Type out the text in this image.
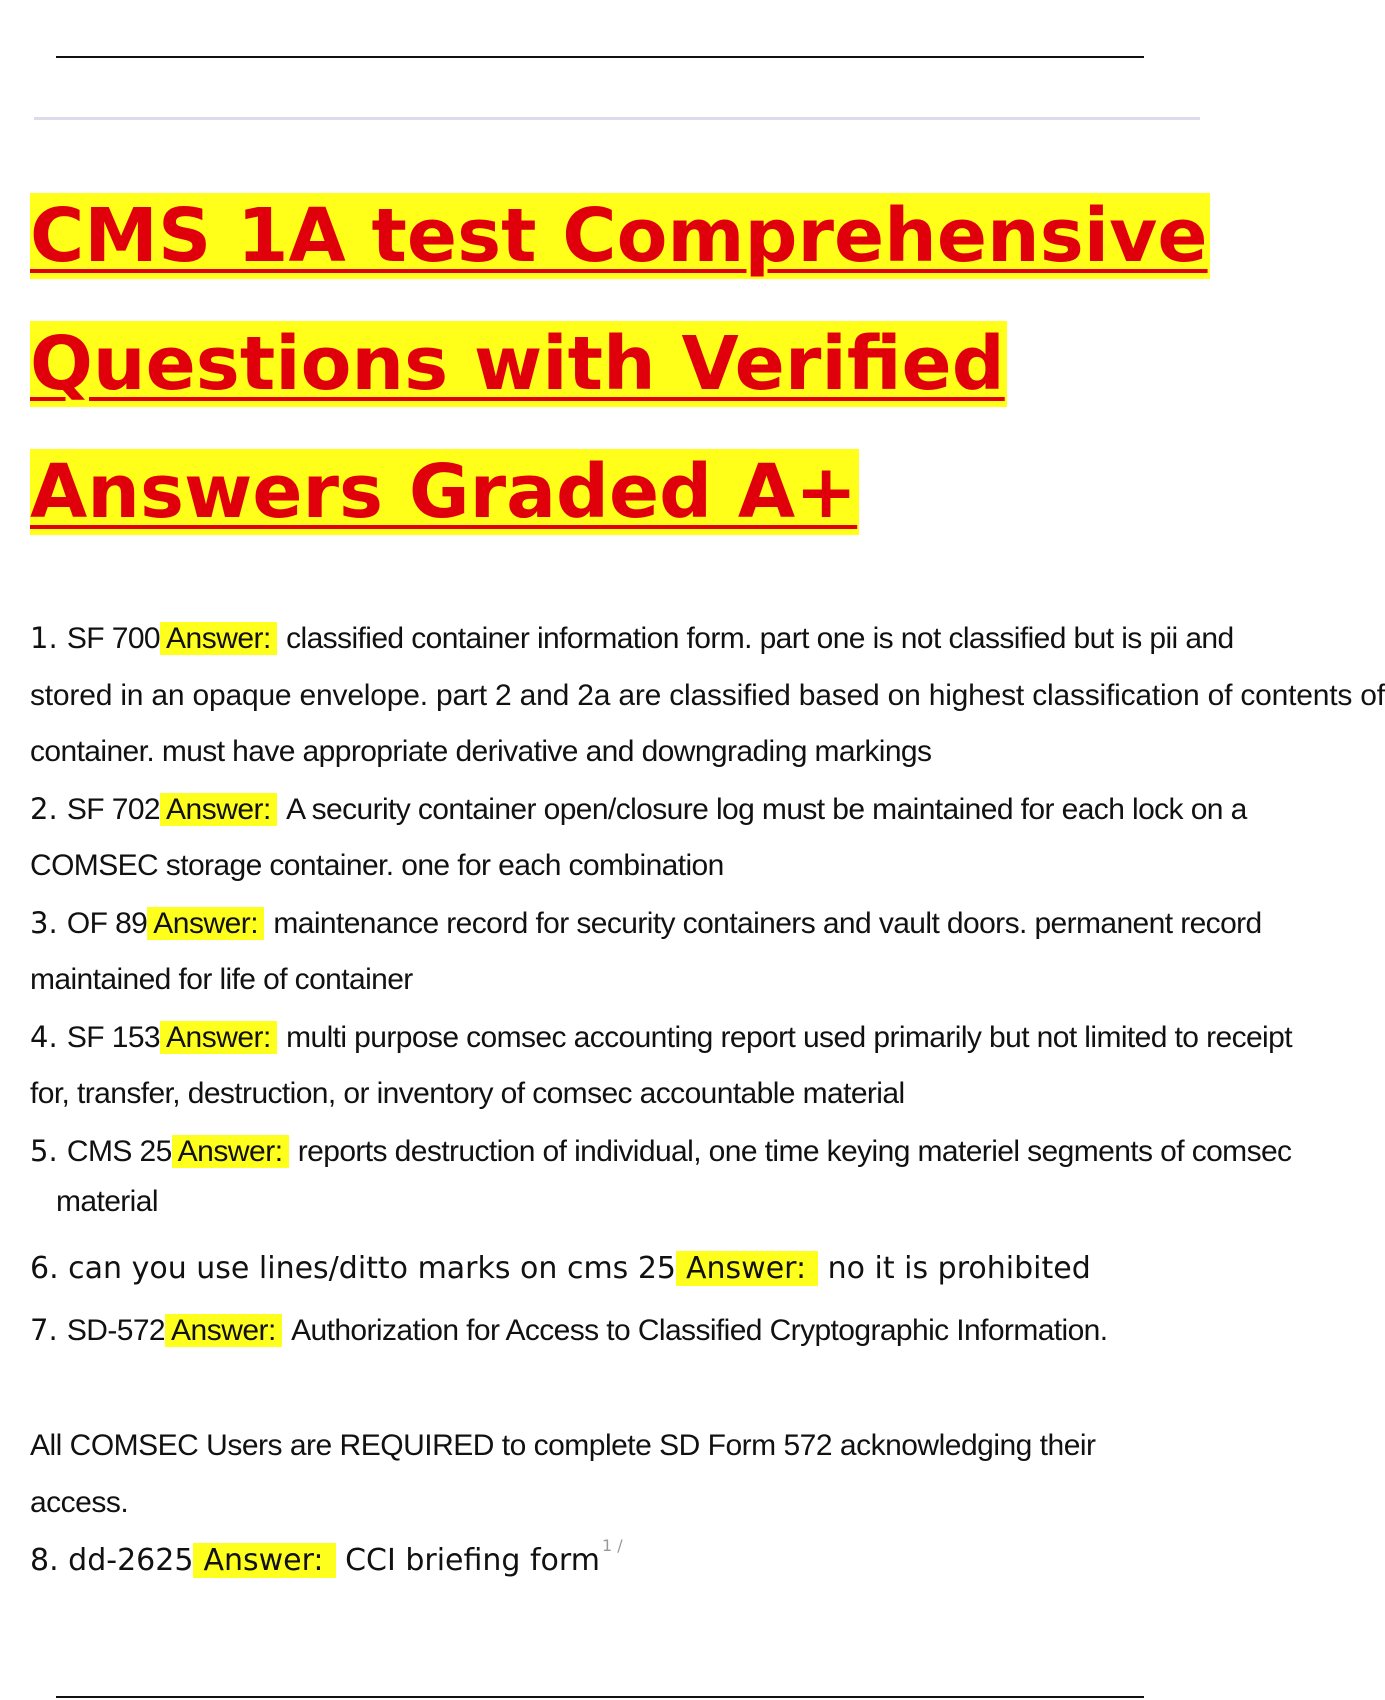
CMS 1A test Comprehensive
Questions with Verified
Answers Graded A+
1. SF 700 Answer: classified container information form. part one is not classified but is pii and
stored in an opaque envelope. part 2 and 2a are classified based on highest classification of contents of
container. must have appropriate derivative and downgrading markings
2. SF 702 Answer: A security container open/closure log must be maintained for each lock on a
COMSEC storage container. one for each combination
3. OF 89 Answer: maintenance record for security containers and vault doors. permanent record
maintained for life of container
4. SF 153 Answer: multi purpose comsec accounting report used primarily but not limited to receipt
for, transfer, destruction, or inventory of comsec accountable material
5. CMS 25 Answer: reports destruction of individual, one time keying materiel segments of comsec
material
6. can you use lines/ditto marks on cms 25 Answer: no it is prohibited
7. SD-572 Answer: Authorization for Access to Classified Cryptographic Information.
All COMSEC Users are REQUIRED to complete SD Form 572 acknowledging their access.
8. dd-2625 Answer: CCI briefing form 1 /
